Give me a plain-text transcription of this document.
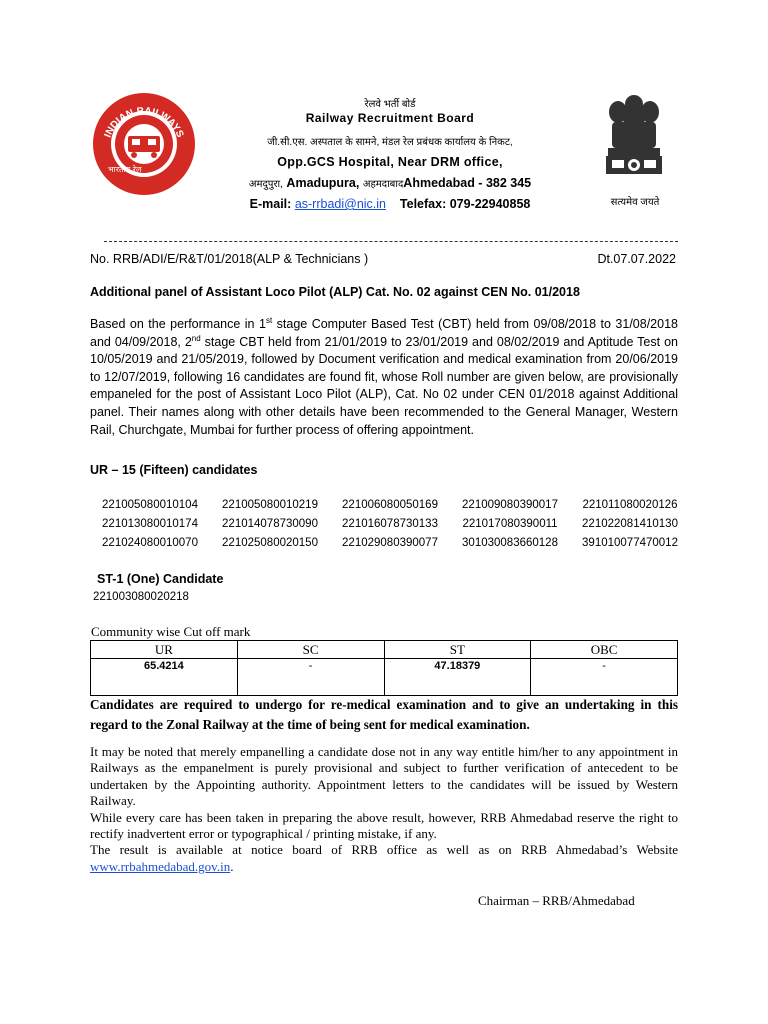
INDIAN RAILWAYS
भारतीय रेल
सत्यमेव जयते
रेलवे भर्ती बोर्ड
Railway Recruitment Board
जी.सी.एस. अस्पताल के सामने, मंडल रेल प्रबंधक कार्यालय के निकट,
Opp.GCS Hospital, Near DRM office,
अमदुपुरा, Amadupura, अहमदाबादAhmedabad - 382 345
E-mail: as-rrbadi@nic.in Telefax: 079-22940858
No. RRB/ADI/E/R&T/01/2018(ALP & Technicians )	Dt.07.07.2022
Additional panel of Assistant Loco Pilot (ALP) Cat. No. 02 against CEN No. 01/2018
Based on the performance in 1st stage Computer Based Test (CBT) held from 09/08/2018 to 31/08/2018 and 04/09/2018, 2nd stage CBT held from 21/01/2019 to 23/01/2019 and 08/02/2019 and Aptitude Test on 10/05/2019 and 21/05/2019, followed by Document verification and medical examination from 20/06/2019 to 12/07/2019, following 16 candidates are found fit, whose Roll number are given below, are provisionally empaneled for the post of Assistant Loco Pilot (ALP), Cat. No 02 under CEN 01/2018 against Additional panel. Their names along with other details have been recommended to the General Manager, Western Rail, Churchgate, Mumbai for further process of offering appointment.
UR – 15 (Fifteen) candidates
221005080010104	221005080010219	221006080050169	221009080390017	221011080020126
221013080010174	221014078730090	221016078730133	221017080390011	221022081410130
221024080010070	221025080020150	221029080390077	301030083660128	391010077470012
ST-1 (One) Candidate
221003080020218
Community wise Cut off mark
UR	SC	ST	OBC
65.4214	-	47.18379	-
Candidates are required to undergo for re-medical examination and to give an undertaking in this regard to the Zonal Railway at the time of being sent for medical examination.

It may be noted that merely empanelling a candidate dose not in any way entitle him/her to any appointment in Railways as the empanelment is purely provisional and subject to further verification of antecedent to be undertaken by the Appointing authority. Appointment letters to the candidates will be issued by Western Railway.

While every care has been taken in preparing the above result, however, RRB Ahmedabad reserve the right to rectify inadvertent error or typographical / printing mistake, if any.

The result is available at notice board of RRB office as well as on RRB Ahmedabad’s Website www.rrbahmedabad.gov.in.

Chairman – RRB/Ahmedabad
